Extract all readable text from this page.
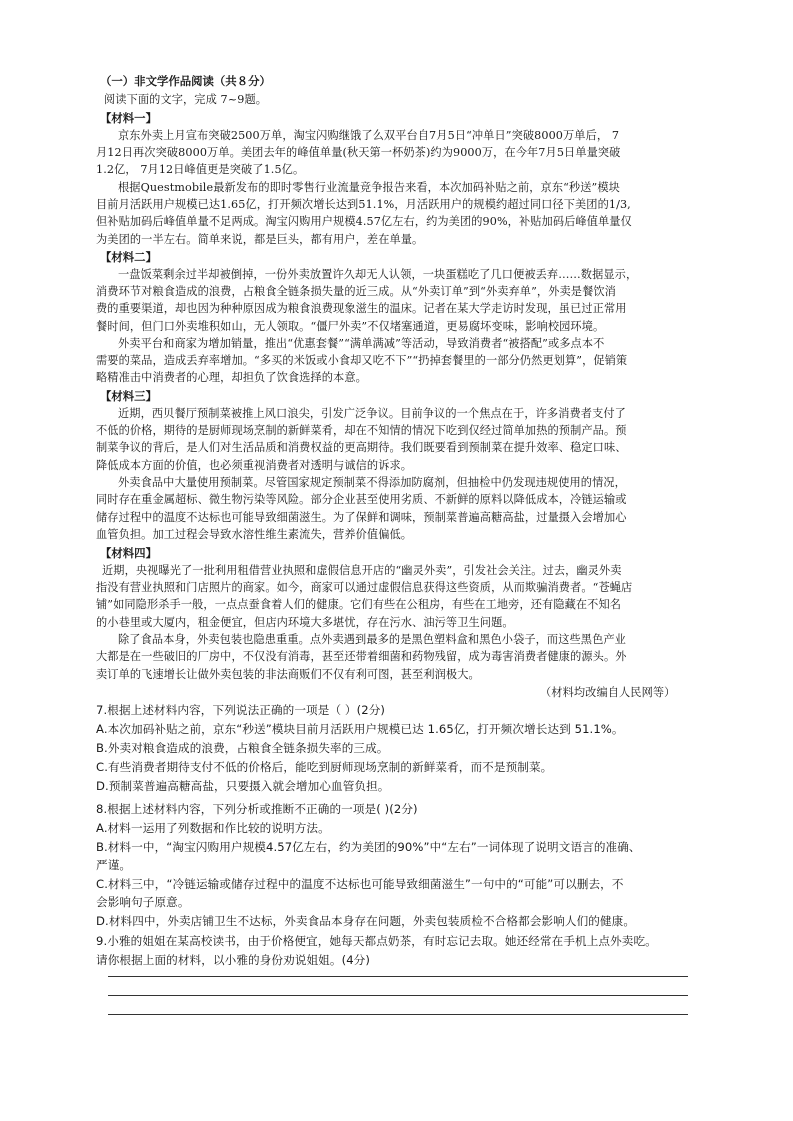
（一）非文学作品阅读（共８分）
阅读下面的文字，完成 7~9题。
【材料一】
京东外卖上月宣布突破2500万单，淘宝闪购继饿了么双平台自7月5日“冲单日”突破8000万单后， 7
月12日再次突破8000万单。美团去年的峰值单量(秋天第一杯奶茶)约为9000万，在今年7月5日单量突破
1.2亿， 7月12日峰值更是突破了1.5亿。
根据Questmobile最新发布的即时零售行业流量竞争报告来看，本次加码补贴之前，京东“秒送”模块
目前月活跃用户规模已达1.65亿，打开频次增长达到51.1%，月活跃用户的规模约超过同口径下美团的1/3,
但补贴加码后峰值单量不足两成。淘宝闪购用户规模4.57亿左右，约为美团的90%，补贴加码后峰值单量仅
为美团的一半左右。简单来说，都是巨头，都有用户，差在单量。
【材料二】
一盘饭菜剩余过半却被倒掉，一份外卖放置许久却无人认领，一块蛋糕吃了几口便被丢弃……数据显示，
消费环节对粮食造成的浪费，占粮食全链条损失量的近三成。从“外卖订单”到“外卖弃单”，外卖是餐饮消
费的重要渠道，却也因为种种原因成为粮食浪费现象滋生的温床。记者在某大学走访时发现，虽已过正常用
餐时间，但门口外卖堆积如山，无人领取。“僵尸外卖”不仅堵塞通道，更易腐坏变味，影响校园环境。
外卖平台和商家为增加销量，推出“优惠套餐”“满单满减”等活动，导致消费者“被搭配”或多点本不
需要的菜品，造成丢弃率增加。“多买的米饭或小食却又吃不下”“扔掉套餐里的一部分仍然更划算”，促销策
略精准击中消费者的心理，却担负了饮食选择的本意。
【材料三】
近期，西贝餐厅预制菜被推上风口浪尖，引发广泛争议。目前争议的一个焦点在于，许多消费者支付了
不低的价格，期待的是厨师现场烹制的新鲜菜肴，却在不知情的情况下吃到仅经过简单加热的预制产品。预
制菜争议的背后，是人们对生活品质和消费权益的更高期待。我们既要看到预制菜在提升效率、稳定口味、
降低成本方面的价值，也必须重视消费者对透明与诚信的诉求。
外卖食品中大量使用预制菜。尽管国家规定预制菜不得添加防腐剂，但抽检中仍发现违规使用的情况，
同时存在重金属超标、微生物污染等风险。部分企业甚至使用劣质、不新鲜的原料以降低成本，冷链运输或
储存过程中的温度不达标也可能导致细菌滋生。为了保鲜和调味，预制菜普遍高糖高盐，过量摄入会增加心
血管负担。加工过程会导致水溶性维生素流失，营养价值偏低。
【材料四】
近期，央视曝光了一批利用租借营业执照和虚假信息开店的“幽灵外卖”，引发社会关注。过去，幽灵外卖
指没有营业执照和门店照片的商家。如今，商家可以通过虚假信息获得这些资质，从而欺骗消费者。“苍蝇店
铺”如同隐形杀手一般，一点点蚕食着人们的健康。它们有些在公租房，有些在工地旁，还有隐藏在不知名
的小巷里或大厦内，租金便宜，但店内环境大多堪忧，存在污水、油污等卫生问题。
除了食品本身，外卖包装也隐患重重。点外卖遇到最多的是黑色塑料盒和黑色小袋子，而这些黑色产业
大都是在一些破旧的厂房中，不仅没有消毒，甚至还带着细菌和药物残留，成为毒害消费者健康的源头。外
卖订单的飞速增长让做外卖包装的非法商贩们不仅有利可图，甚至利润极大。
（材料均改编自人民网等）
7.根据上述材料内容，下列说法正确的一项是（ ）(2分)
A.本次加码补贴之前，京东“秒送”模块目前月活跃用户规模已达 1.65亿，打开频次增长达到 51.1%。
B.外卖对粮食造成的浪费，占粮食全链条损失率的三成。
C.有些消费者期待支付不低的价格后，能吃到厨师现场烹制的新鲜菜肴，而不是预制菜。
D.预制菜普遍高糖高盐，只要摄入就会增加心血管负担。
8.根据上述材料内容，下列分析或推断不正确的一项是( )(2分)
A.材料一运用了列数据和作比较的说明方法。
B.材料一中，“淘宝闪购用户规模4.57亿左右，约为美团的90%”中“左右”一词体现了说明文语言的准确、
严谨。
C.材料三中，“冷链运输或储存过程中的温度不达标也可能导致细菌滋生”一句中的“可能”可以删去，不
会影响句子原意。
D.材料四中，外卖店铺卫生不达标，外卖食品本身存在问题，外卖包装质检不合格都会影响人们的健康。
9.小雅的姐姐在某高校读书，由于价格便宜，她每天都点奶茶，有时忘记去取。她还经常在手机上点外卖吃。
请你根据上面的材料，以小雅的身份劝说姐姐。(4分)
